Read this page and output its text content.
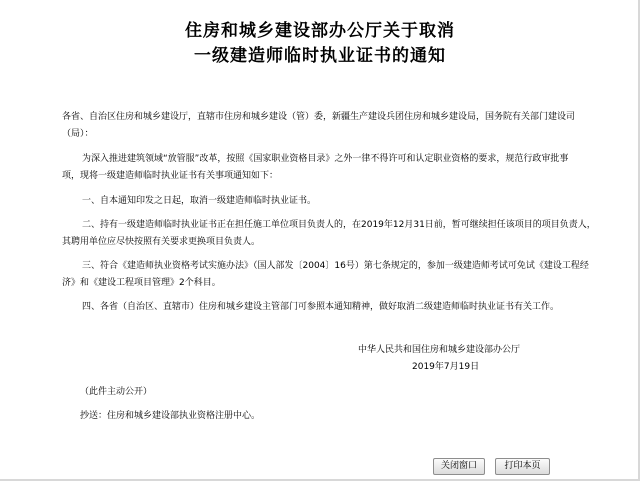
住房和城乡建设部办公厅关于取消
一级建造师临时执业证书的通知
各省、自治区住房和城乡建设厅，直辖市住房和城乡建设（管）委，新疆生产建设兵团住房和城乡建设局，国务院有关部门建设司
（局）：
为深入推进建筑领域“放管服”改革，按照《国家职业资格目录》之外一律不得许可和认定职业资格的要求，规范行政审批事
项，现将一级建造师临时执业证书有关事项通知如下：
一、自本通知印发之日起，取消一级建造师临时执业证书。
二、持有一级建造师临时执业证书正在担任施工单位项目负责人的，在2019年12月31日前，暂可继续担任该项目的项目负责人，
其聘用单位应尽快按照有关要求更换项目负责人。
三、符合《建造师执业资格考试实施办法》（国人部发〔2004〕16号）第七条规定的，参加一级建造师考试可免试《建设工程经
济》和《建设工程项目管理》2个科目。
四、各省（自治区、直辖市）住房和城乡建设主管部门可参照本通知精神，做好取消二级建造师临时执业证书有关工作。
中华人民共和国住房和城乡建设部办公厅
2019年7月19日
（此件主动公开）
抄送：住房和城乡建设部执业资格注册中心。
关闭窗口	打印本页
